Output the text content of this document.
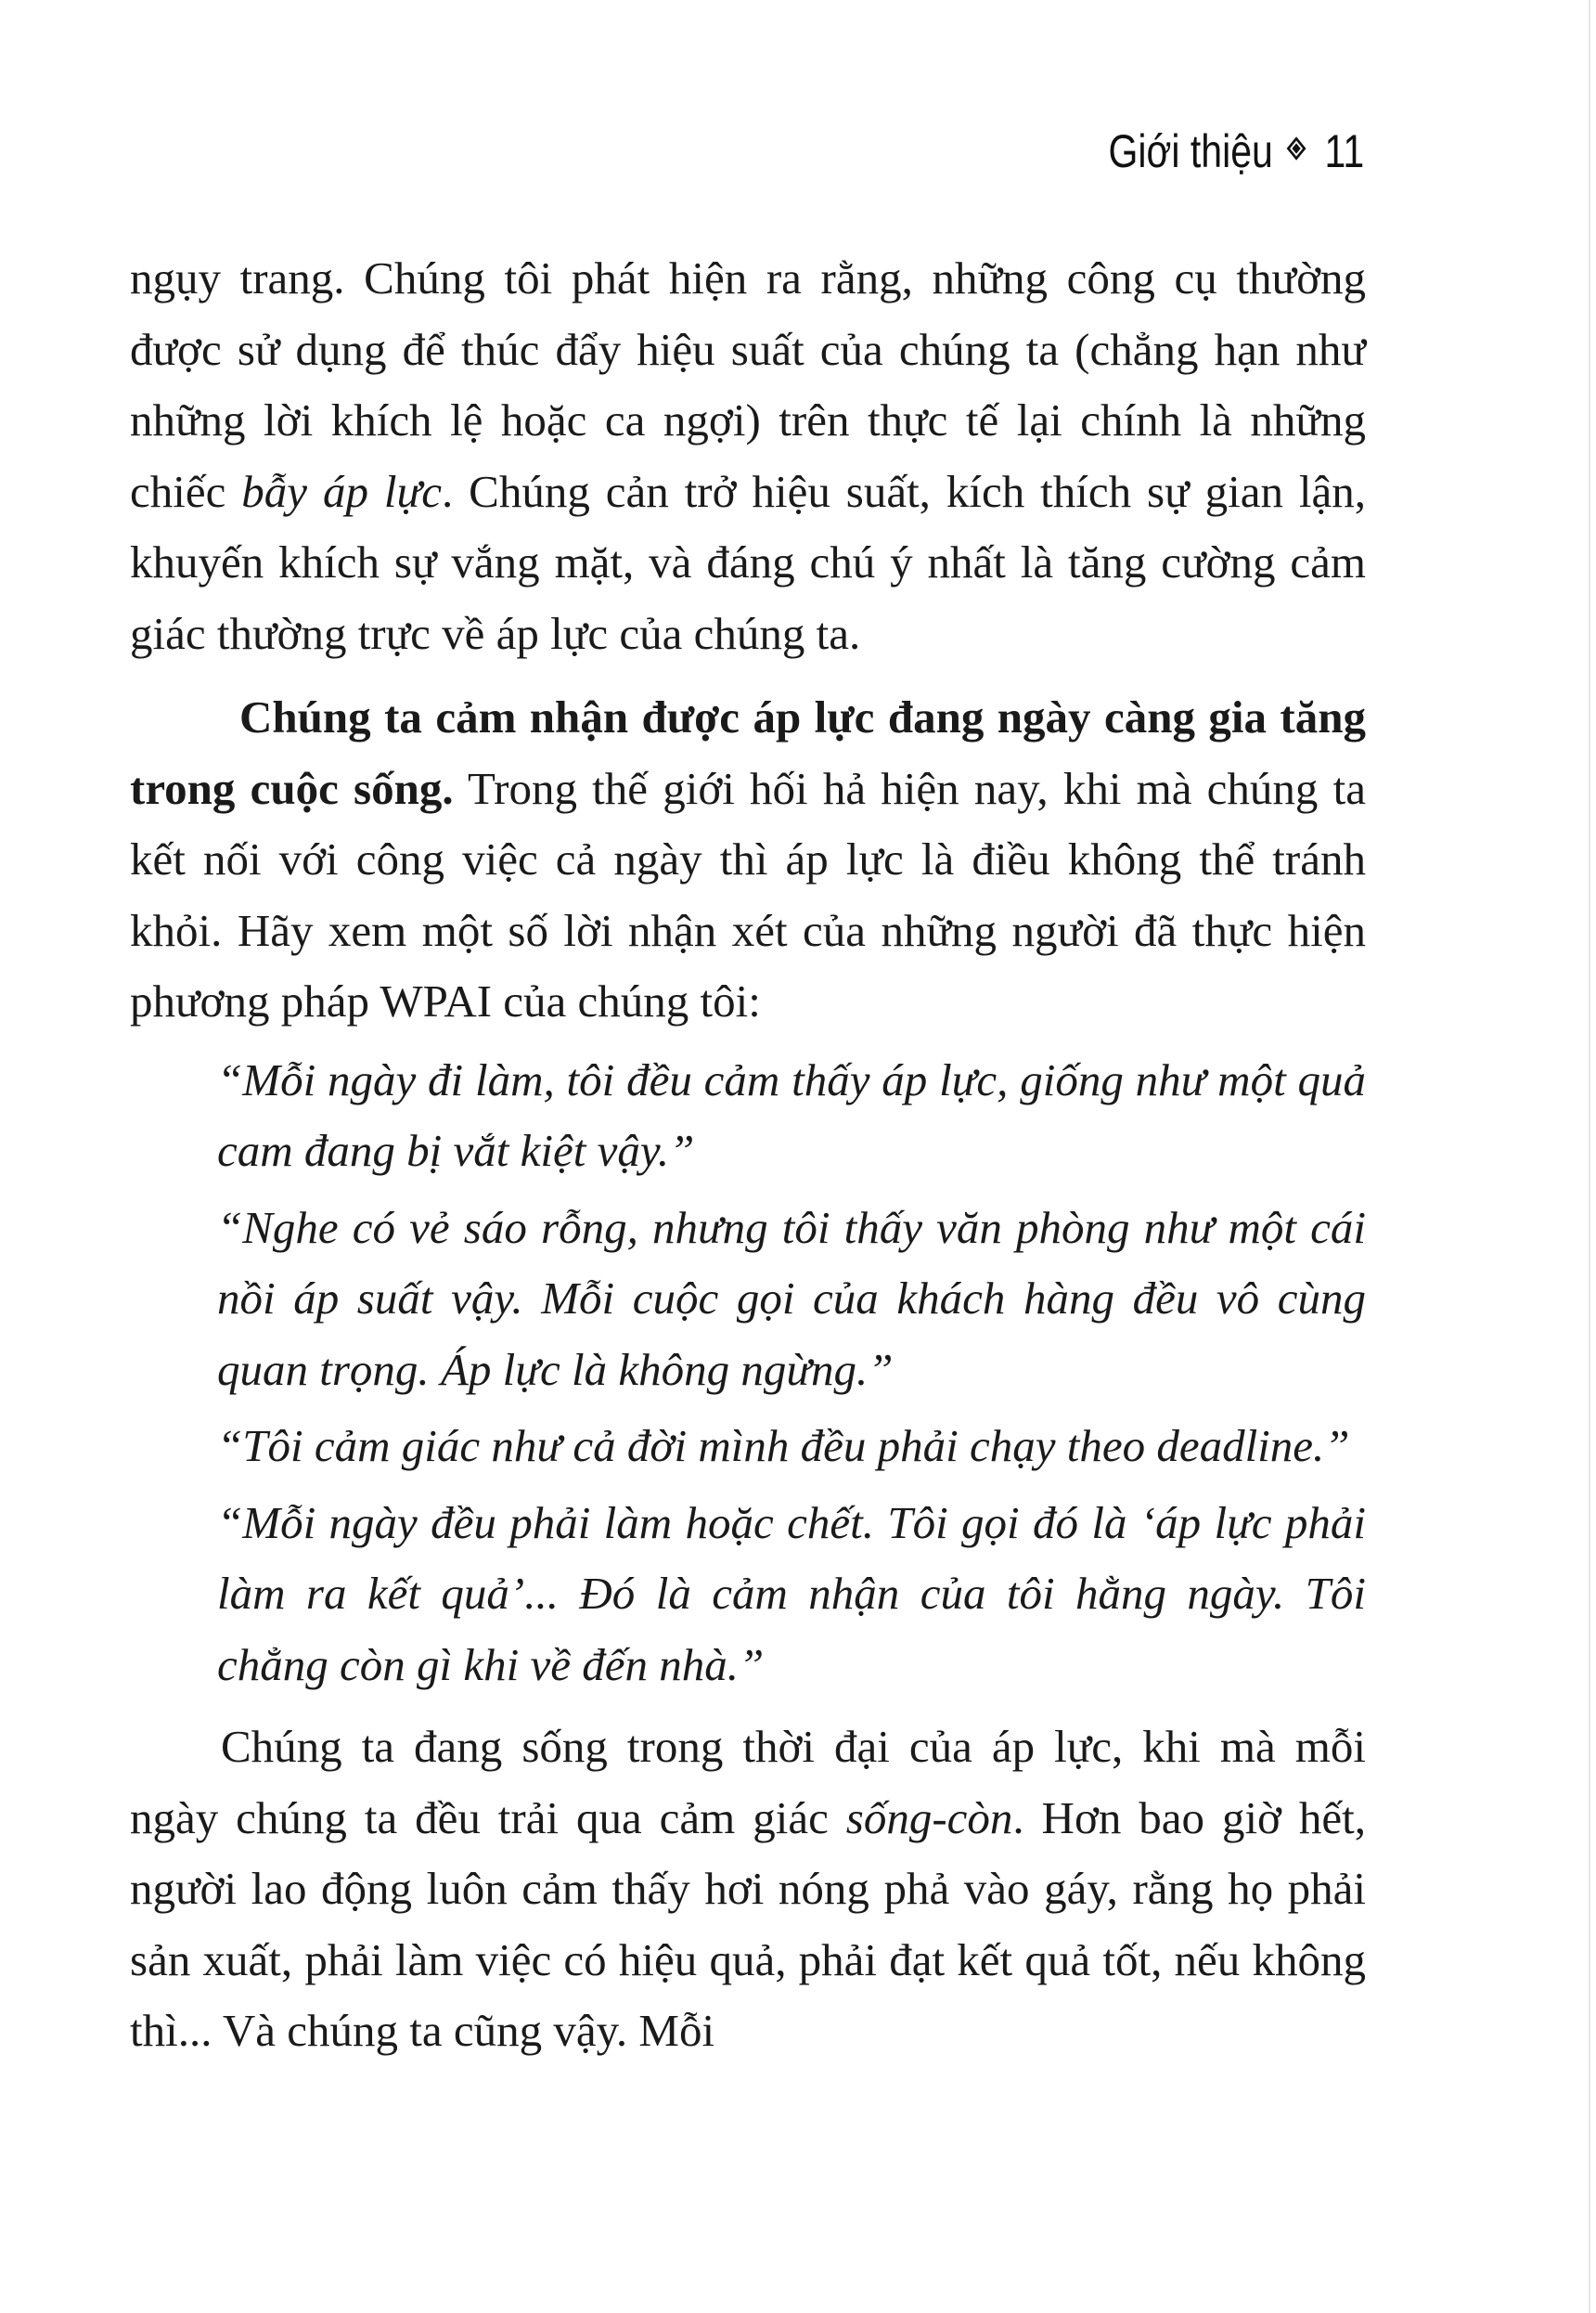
Giới thiệu 11

ngụy trang. Chúng tôi phát hiện ra rằng, những công cụ thường được sử dụng để thúc đẩy hiệu suất của chúng ta (chẳng hạn như những lời khích lệ hoặc ca ngợi) trên thực tế lại chính là những chiếc bẫy áp lực. Chúng cản trở hiệu suất, kích thích sự gian lận, khuyến khích sự vắng mặt, và đáng chú ý nhất là tăng cường cảm giác thường trực về áp lực của chúng ta.

Chúng ta cảm nhận được áp lực đang ngày càng gia tăng trong cuộc sống. Trong thế giới hối hả hiện nay, khi mà chúng ta kết nối với công việc cả ngày thì áp lực là điều không thể tránh khỏi. Hãy xem một số lời nhận xét của những người đã thực hiện phương pháp WPAI của chúng tôi:

“Mỗi ngày đi làm, tôi đều cảm thấy áp lực, giống như một quả cam đang bị vắt kiệt vậy.”

“Nghe có vẻ sáo rỗng, nhưng tôi thấy văn phòng như một cái nồi áp suất vậy. Mỗi cuộc gọi của khách hàng đều vô cùng quan trọng. Áp lực là không ngừng.”

“Tôi cảm giác như cả đời mình đều phải chạy theo deadline.”

“Mỗi ngày đều phải làm hoặc chết. Tôi gọi đó là ‘áp lực phải làm ra kết quả’... Đó là cảm nhận của tôi hằng ngày. Tôi chẳng còn gì khi về đến nhà.”

Chúng ta đang sống trong thời đại của áp lực, khi mà mỗi ngày chúng ta đều trải qua cảm giác sống-còn. Hơn bao giờ hết, người lao động luôn cảm thấy hơi nóng phả vào gáy, rằng họ phải sản xuất, phải làm việc có hiệu quả, phải đạt kết quả tốt, nếu không thì... Và chúng ta cũng vậy. Mỗi
